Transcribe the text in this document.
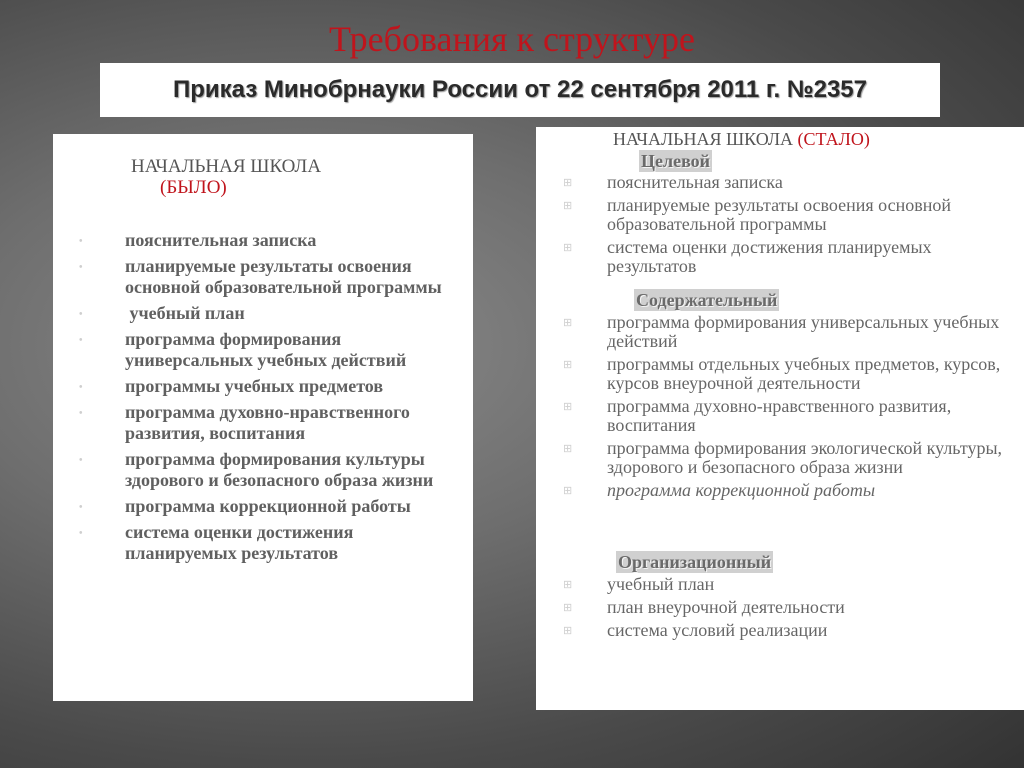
Требования к структуре
Приказ Минобрнауки России от 22 сентября 2011 г. №2357
НАЧАЛЬНАЯ ШКОЛА
(БЫЛО)
• пояснительная записка
• планируемые результаты освоения основной образовательной программы
• учебный план
• программа формирования универсальных учебных действий
• программы учебных предметов
• программа духовно-нравственного развития, воспитания
• программа формирования культуры здорового и безопасного образа жизни
• программа коррекционной работы
• система оценки достижения планируемых результатов
НАЧАЛЬНАЯ ШКОЛА (СТАЛО)
Целевой
⊞ пояснительная записка
⊞ планируемые результаты освоения основной образовательной программы
⊞ система оценки достижения планируемых результатов
Содержательный
⊞ программа формирования универсальных учебных действий
⊞ программы отдельных учебных предметов, курсов, курсов внеурочной деятельности
⊞ программа духовно-нравственного развития, воспитания
⊞ программа формирования экологической культуры, здорового и безопасного образа жизни
⊞ программа коррекционной работы
Организационный
⊞ учебный план
⊞ план внеурочной деятельности
⊞ система условий реализации
